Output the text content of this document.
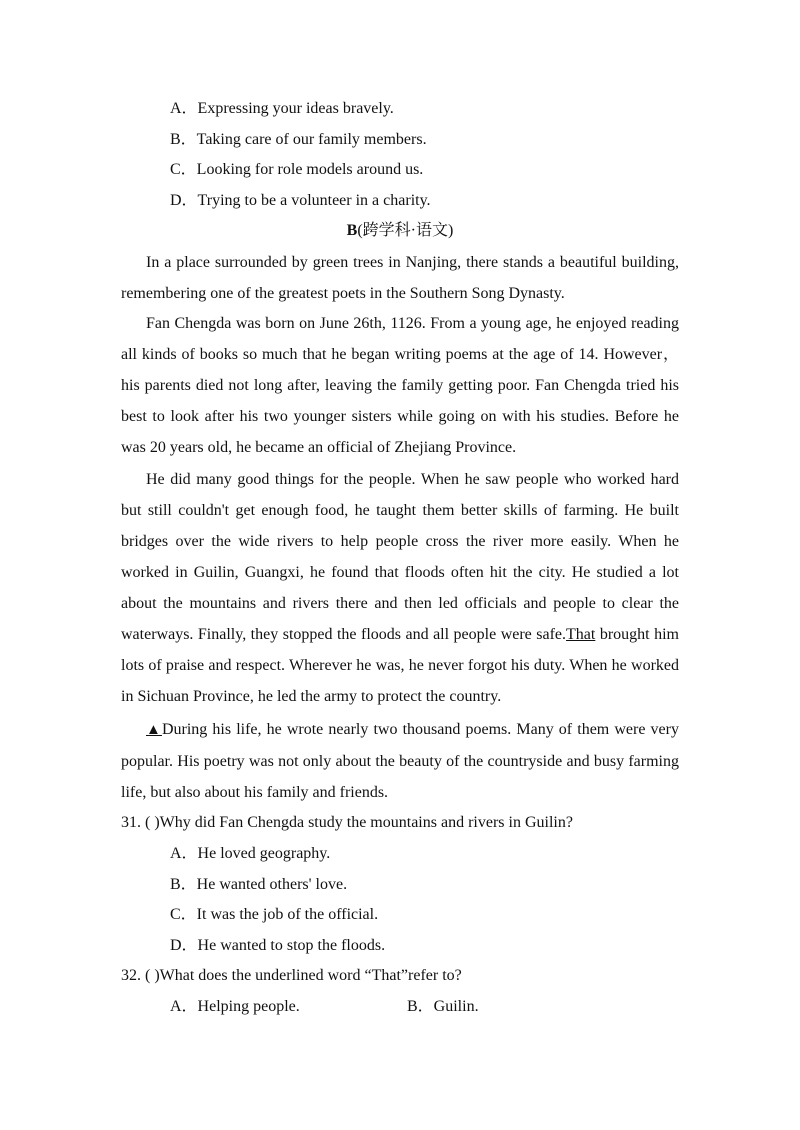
A．Expressing your ideas bravely.
B．Taking care of our family members.
C．Looking for role models around us.
D．Trying to be a volunteer in a charity.
B(跨学科·语文)

In a place surrounded by green trees in Nanjing, there stands a beautiful building, remembering one of the greatest poets in the Southern Song Dynasty.

Fan Chengda was born on June 26th, 1126. From a young age, he enjoyed reading all kinds of books so much that he began writing poems at the age of 14. However，his parents died not long after, leaving the family getting poor. Fan Chengda tried his best to look after his two younger sisters while going on with his studies. Before he was 20 years old, he became an official of Zhejiang Province.

He did many good things for the people. When he saw people who worked hard but still couldn't get enough food, he taught them better skills of farming. He built bridges over the wide rivers to help people cross the river more easily. When he worked in Guilin, Guangxi, he found that floods often hit the city. He studied a lot about the mountains and rivers there and then led officials and people to clear the waterways. Finally, they stopped the floods and all people were safe.That brought him lots of praise and respect. Wherever he was, he never forgot his duty. When he worked in Sichuan Province, he led the army to protect the country.

▲During his life, he wrote nearly two thousand poems. Many of them were very popular. His poetry was not only about the beauty of the countryside and busy farming life, but also about his family and friends.

31. ( )Why did Fan Chengda study the mountains and rivers in Guilin?
A．He loved geography.
B．He wanted others' love.
C．It was the job of the official.
D．He wanted to stop the floods.
32. ( )What does the underlined word “That”refer to?
A．Helping people.	B．Guilin.
